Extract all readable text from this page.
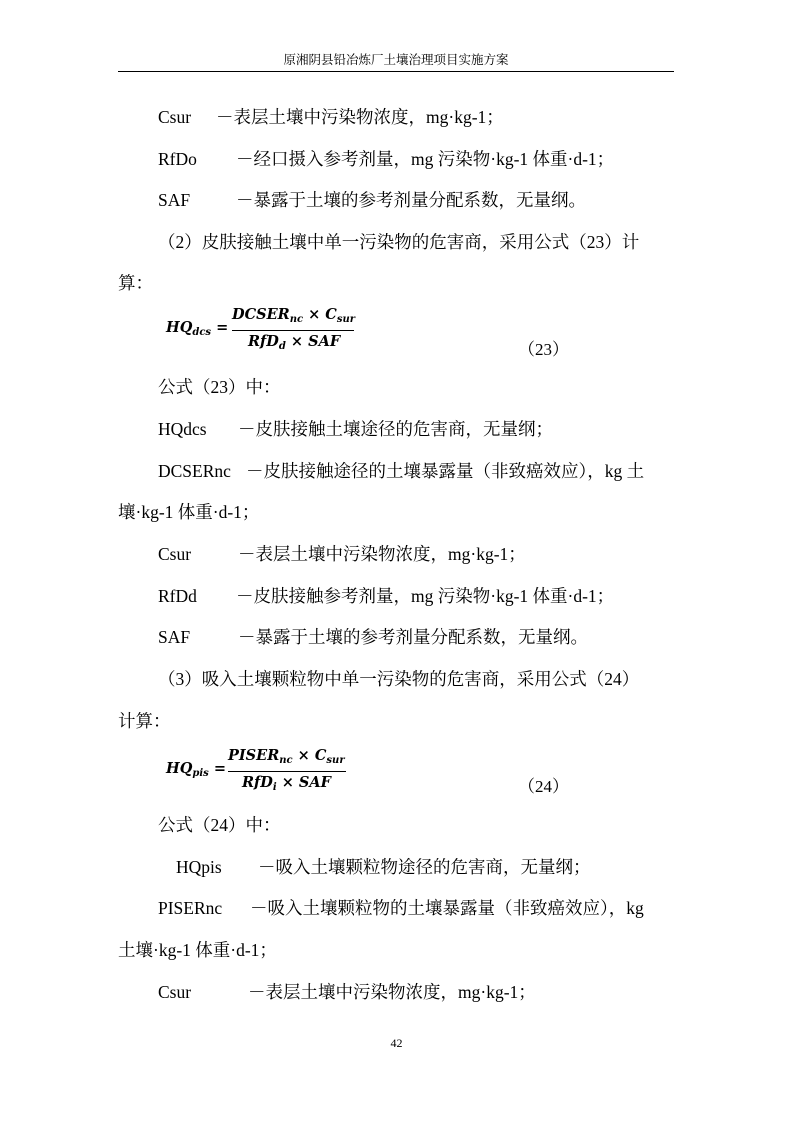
原湘阴县铅冶炼厂土壤治理项目实施方案
Csur －表层土壤中污染物浓度，mg·kg-1；
RfDo －经口摄入参考剂量，mg 污染物·kg-1 体重·d-1；
SAF	－暴露于土壤的参考剂量分配系数，无量纲。
（2）皮肤接触土壤中单一污染物的危害商，采用公式（23）计
算：
$HQ_{dcs}$ =
$DCSER_{nc} \times C_{sur}$
RfD$_d$ × SAF	（23）
公式（23）中：
HQdcs －皮肤接触土壤途径的危害商，无量纲；
DCSERnc －皮肤接触途径的土壤暴露量（非致癌效应），kg 土
壤·kg-1 体重·d-1；
Csur	－表层土壤中污染物浓度，mg·kg-1；
RfDd －皮肤接触参考剂量，mg 污染物·kg-1 体重·d-1；
SAF	－暴露于土壤的参考剂量分配系数，无量纲。
（3）吸入土壤颗粒物中单一污染物的危害商，采用公式（24）
计算：
$HQ_{pis}$ =
$PISER_{nc} \times C_{sur}$
RfD$_i$ × SAF	（24）
公式（24）中：
HQpis －吸入土壤颗粒物途径的危害商，无量纲；
PISERnc －吸入土壤颗粒物的土壤暴露量（非致癌效应），kg
土壤·kg-1 体重·d-1；
Csur	－表层土壤中污染物浓度，mg·kg-1；
42
